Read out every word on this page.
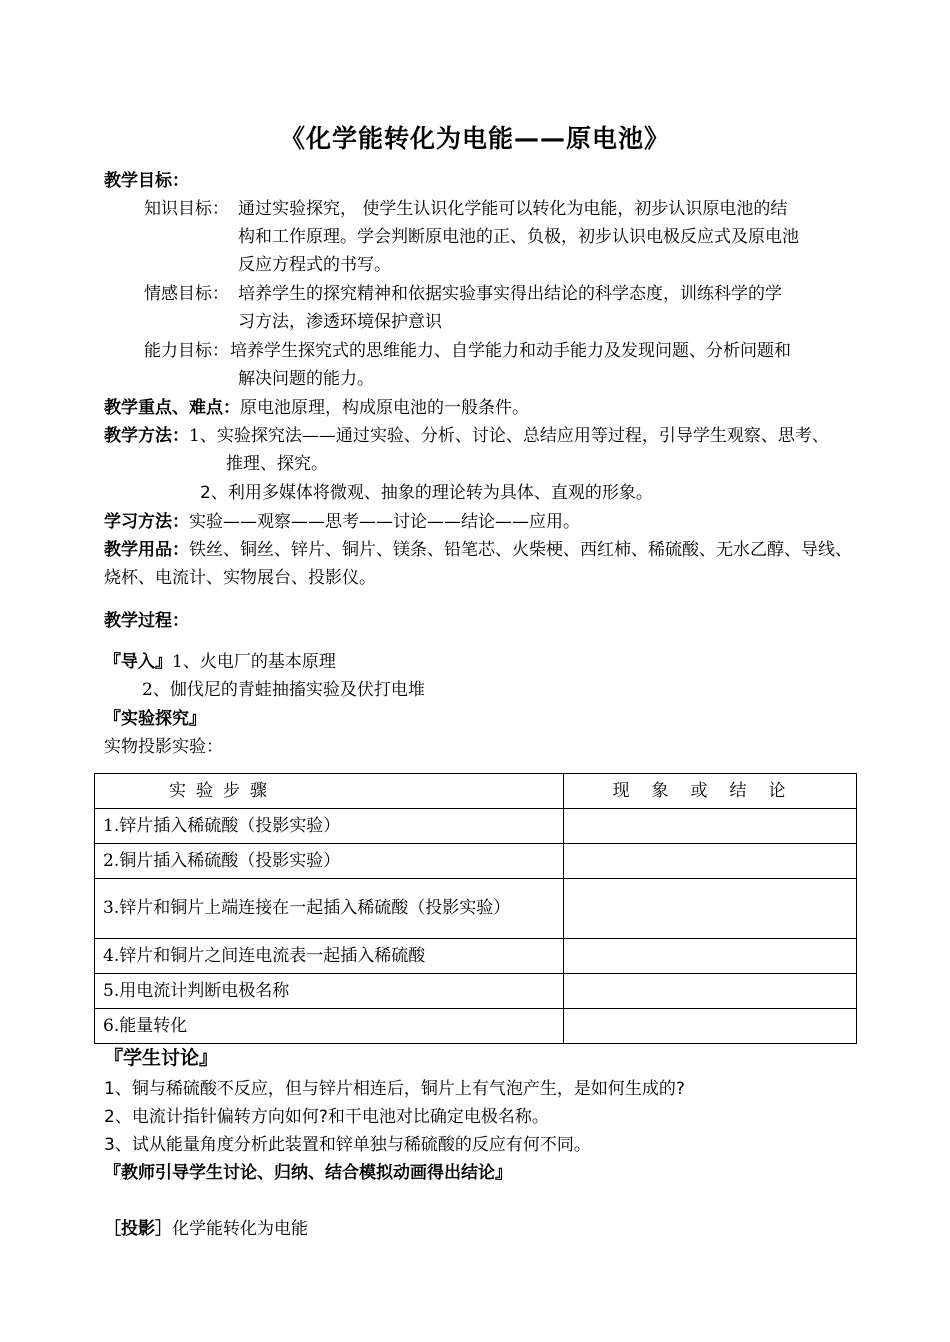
《化学能转化为电能——原电池》
教学目标：
知识目标： 通过实验探究， 使学生认识化学能可以转化为电能，初步认识原电池的结
构和工作原理。学会判断原电池的正、负极，初步认识电极反应式及原电池
反应方程式的书写。
情感目标： 培养学生的探究精神和依据实验事实得出结论的科学态度，训练科学的学
习方法，渗透环境保护意识
能力目标： 培养学生探究式的思维能力、自学能力和动手能力及发现问题、分析问题和
解决问题的能力。
教学重点、难点：原电池原理，构成原电池的一般条件。
教学方法：1、实验探究法——通过实验、分析、讨论、总结应用等过程，引导学生观察、思考、
推理、探究。
2、利用多媒体将微观、抽象的理论转为具体、直观的形象。
学习方法：实验——观察——思考——讨论——结论——应用。
教学用品：铁丝、铜丝、锌片、铜片、镁条、铅笔芯、火柴梗、西红柿、稀硫酸、无水乙醇、导线、
烧杯、电流计、实物展台、投影仪。
教学过程：
『导入』1、火电厂的基本原理
2、伽伐尼的青蛙抽搐实验及伏打电堆
『实验探究』
实物投影实验：
实验步骤	现象或结论
1.锌片插入稀硫酸（投影实验）	
2.铜片插入稀硫酸（投影实验）	
3.锌片和铜片上端连接在一起插入稀硫酸（投影实验）	
4.锌片和铜片之间连电流表一起插入稀硫酸	
5.用电流计判断电极名称	
6.能量转化	
『学生讨论』
1、铜与稀硫酸不反应，但与锌片相连后，铜片上有气泡产生，是如何生成的?
2、电流计指针偏转方向如何?和干电池对比确定电极名称。
3、试从能量角度分析此装置和锌单独与稀硫酸的反应有何不同。
『教师引导学生讨论、归纳、结合模拟动画得出结论』
［投影］化学能转化为电能
